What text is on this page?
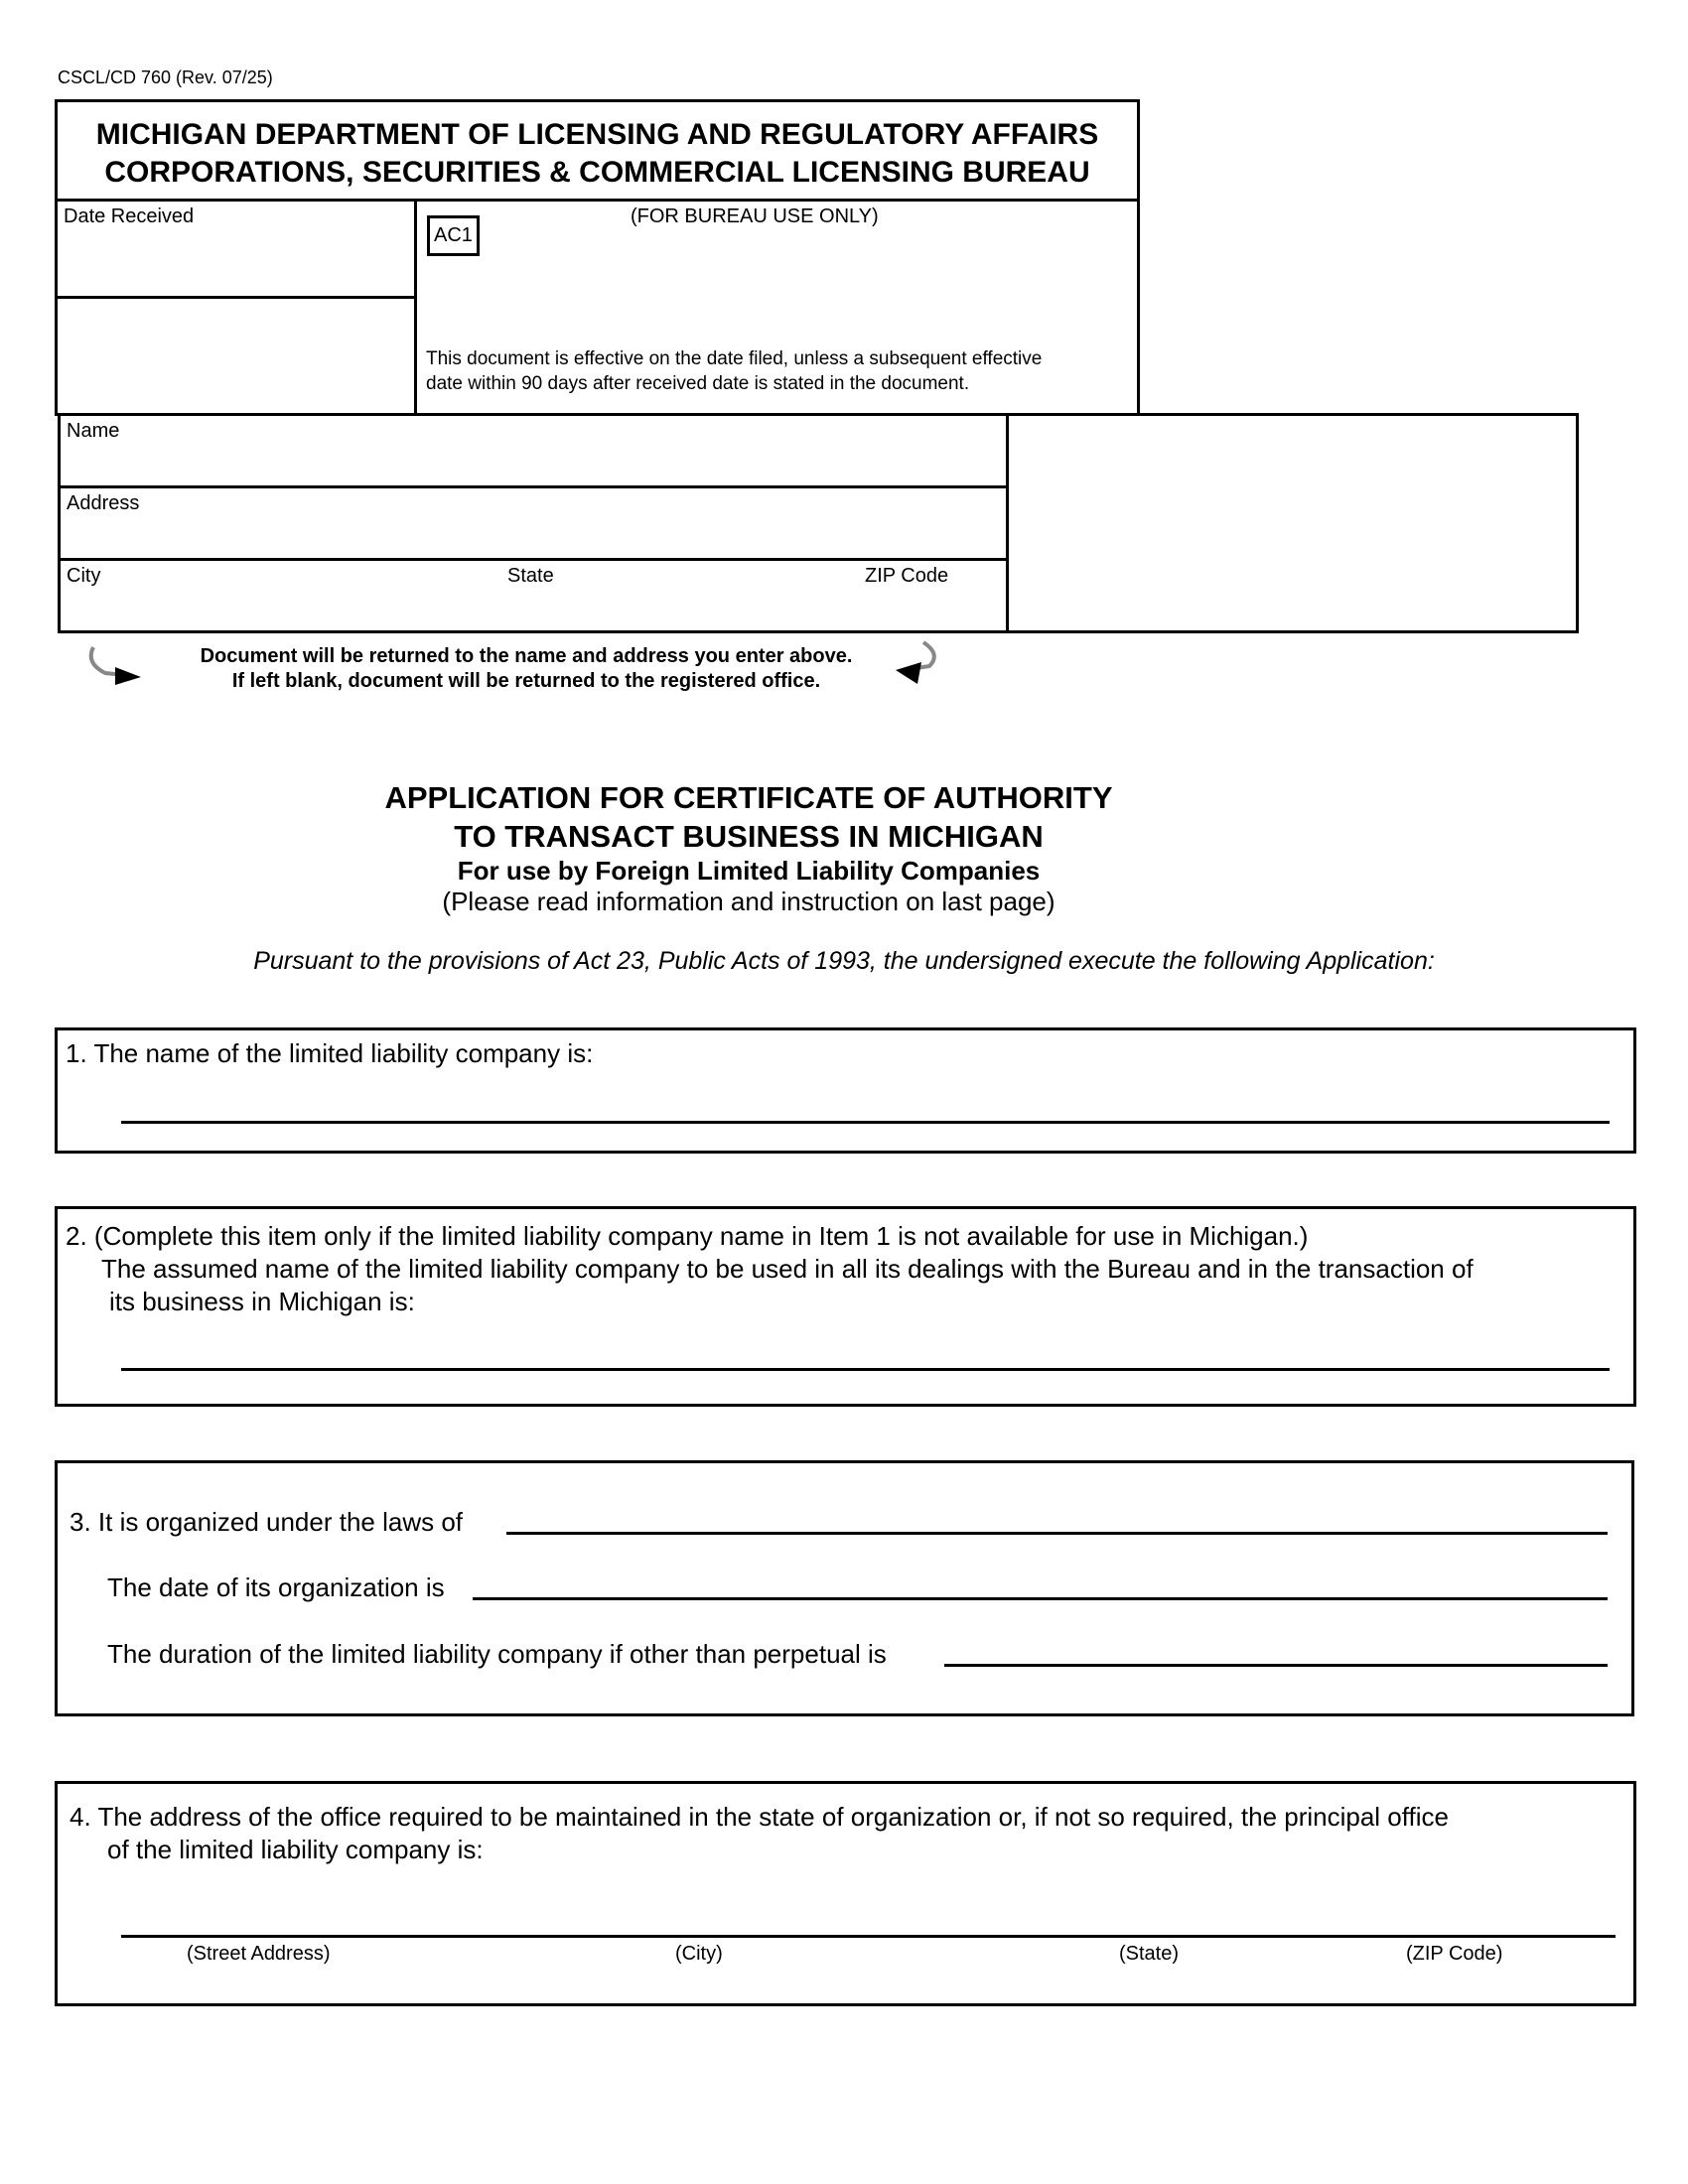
CSCL/CD 760 (Rev. 07/25)
MICHIGAN DEPARTMENT OF LICENSING AND REGULATORY AFFAIRS
CORPORATIONS, SECURITIES & COMMERCIAL LICENSING BUREAU
Date Received
AC1
(FOR BUREAU USE ONLY)
This document is effective on the date filed, unless a subsequent effective
date within 90 days after received date is stated in the document.
Name
Address
City	State	ZIP Code
Document will be returned to the name and address you enter above.
If left blank, document will be returned to the registered office.
APPLICATION FOR CERTIFICATE OF AUTHORITY
TO TRANSACT BUSINESS IN MICHIGAN
For use by Foreign Limited Liability Companies
(Please read information and instruction on last page)
Pursuant to the provisions of Act 23, Public Acts of 1993, the undersigned execute the following Application:
1. The name of the limited liability company is:
2. (Complete this item only if the limited liability company name in Item 1 is not available for use in Michigan.)
The assumed name of the limited liability company to be used in all its dealings with the Bureau and in the transaction of
its business in Michigan is:
3. It is organized under the laws of
The date of its organization is
The duration of the limited liability company if other than perpetual is
4. The address of the office required to be maintained in the state of organization or, if not so required, the principal office
of the limited liability company is:
(Street Address)	(City)	(State)	(ZIP Code)
